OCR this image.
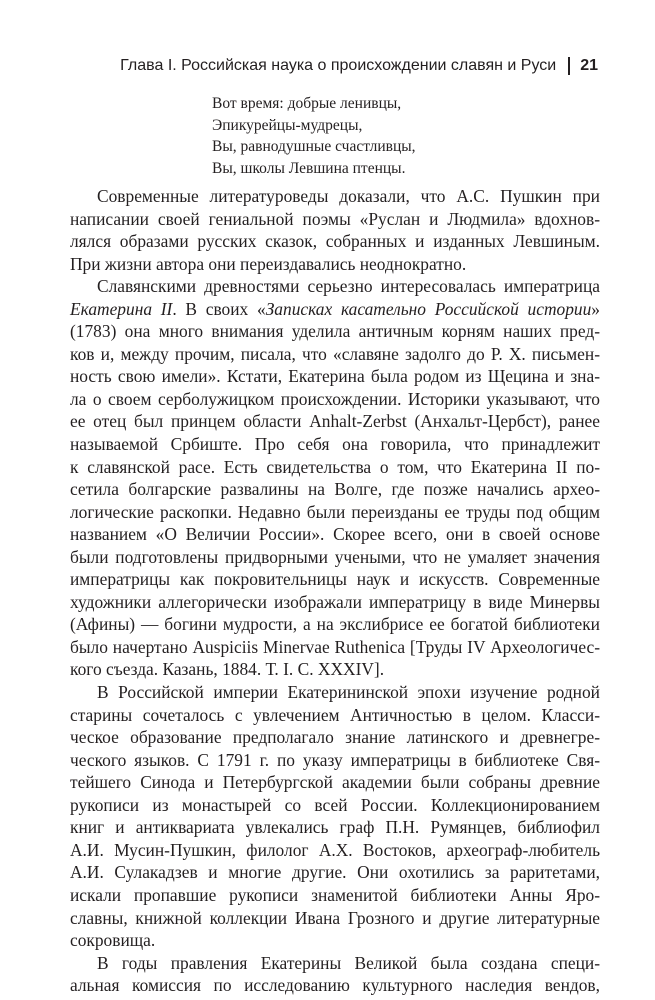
Глава I. Российская наука о происхождении славян и Руси 21
Вот время: добрые ленивцы,
Эпикурейцы-мудрецы,
Вы, равнодушные счастливцы,
Вы, школы Левшина птенцы.
Современные литературоведы доказали, что А.С. Пушкин при
написании своей гениальной поэмы «Руслан и Людмила» вдохнов-
лялся образами русских сказок, собранных и изданных Левшиным.
При жизни автора они переиздавались неоднократно.
Славянскими древностями серьезно интересовалась императрица
Екатерина II. В своих «Записках касательно Российской истории»
(1783) она много внимания уделила античным корням наших пред-
ков и, между прочим, писала, что «славяне задолго до Р. Х. письмен-
ность свою имели». Кстати, Екатерина была родом из Щецина и зна-
ла о своем серболужицком происхождении. Историки указывают, что
ее отец был принцем области Anhalt-Zerbst (Анхальт-Цербст), ранее
называемой Србиште. Про себя она говорила, что принадлежит
к славянской расе. Есть свидетельства о том, что Екатерина II по-
сетила болгарские развалины на Волге, где позже начались архео-
логические раскопки. Недавно были переизданы ее труды под общим
названием «О Величии России». Скорее всего, они в своей основе
были подготовлены придворными учеными, что не умаляет значения
императрицы как покровительницы наук и искусств. Современные
художники аллегорически изображали императрицу в виде Минервы
(Афины) — богини мудрости, а на экслибрисе ее богатой библиотеки
было начертано Auspiciis Minervae Ruthenica [Труды IV Археологичес-
кого съезда. Казань, 1884. Т. I. С. XXXIV].
В Российской империи Екатерининской эпохи изучение родной
старины сочеталось с увлечением Античностью в целом. Класси-
ческое образование предполагало знание латинского и древнегре-
ческого языков. С 1791 г. по указу императрицы в библиотеке Свя-
тейшего Синода и Петербургской академии были собраны древние
рукописи из монастырей со всей России. Коллекционированием
книг и антиквариата увлекались граф П.Н. Румянцев, библиофил
А.И. Мусин-Пушкин, филолог А.Х. Востоков, археограф-любитель
А.И. Сулакадзев и многие другие. Они охотились за раритетами,
искали пропавшие рукописи знаменитой библиотеки Анны Яро-
славны, книжной коллекции Ивана Грозного и другие литературные
сокровища.
В годы правления Екатерины Великой была создана специ-
альная комиссия по исследованию культурного наследия вендов,
